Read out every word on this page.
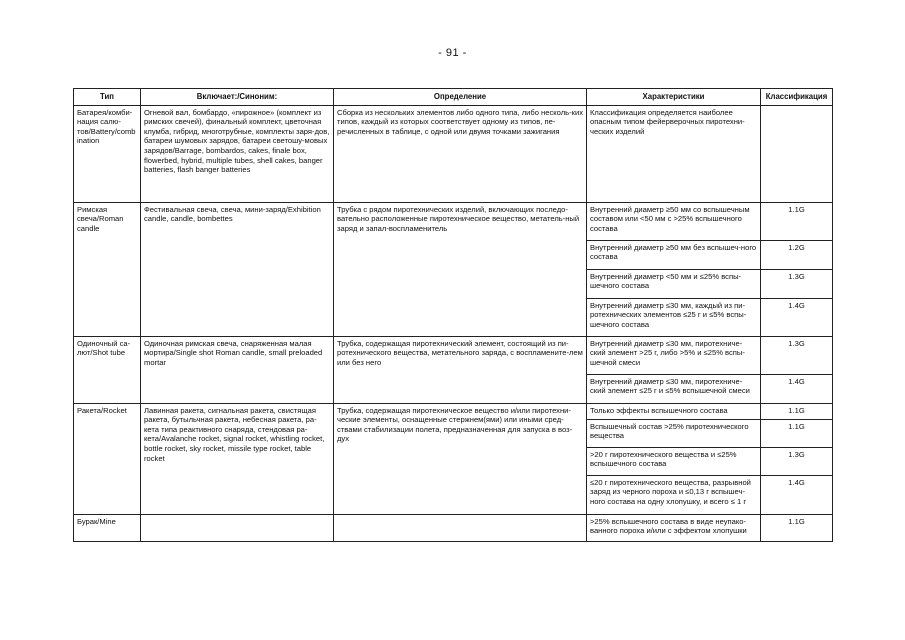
- 91 -
Тип	Включает:/Синоним:	Определение	Характеристики	Классификация
Батарея/комби-нация салю-тов/Battery/combination	Огневой вал, бомбардо, «пирожное» (комплект из римских свечей), финальный комплект, цветочная клумба, гибрид, многотрубные, комплекты заря-дов, батареи шумовых зарядов, батареи светошу-мовых зарядов/Barrage, bombardos, cakes, finale box, flowerbed, hybrid, multiple tubes, shell cakes, banger batteries, flash banger batteries	Сборка из нескольких элементов либо одного типа, либо несколь-ких типов, каждый из которых соответствует одному из типов, пе-речисленных в таблице, с одной или двумя точками зажигания	Классификация определяется наиболее опасным типом фейерверочных пиротехни-ческих изделий	
Римская свеча/Roman candle	Фестивальная свеча, свеча, мини-заряд/Exhibition candle, candle, bombettes	Трубка с рядом пиротехнических изделий, включающих последо-вательно расположенные пиротехническое вещество, метатель-ный заряд и запал-воспламенитель	Внутренний диаметр ≥50 мм со вспышечным составом или <50 мм с >25% вспышечного состава	1.1G
			Внутренний диаметр ≥50 мм без вспышеч-ного состава	1.2G
			Внутренний диаметр <50 мм и ≤25% вспы-шечного состава	1.3G
			Внутренний диаметр ≤30 мм, каждый из пи-ротехнических элементов ≤25 г и ≤5% вспы-шечного состава	1.4G
Одиночный са-лют/Shot tube	Одиночная римская свеча, снаряженная малая мортира/Single shot Roman candle, small preloaded mortar	Трубка, содержащая пиротехнический элемент, состоящий из пи-ротехнического вещества, метательного заряда, с воспламените-лем или без него	Внутренний диаметр ≤30 мм, пиротехниче-ский элемент >25 г, либо >5% и ≤25% вспы-шечной смеси	1.3G
			Внутренний диаметр ≤30 мм, пиротехниче-ский элемент ≤25 г и ≤5% вспышечной смеси	1.4G
Ракета/Rocket	Лавинная ракета, сигнальная ракета, свистящая ракета, бутыльчная ракета, небесная ракета, ра-кета типа реактивного снаряда, стендовая ра-кета/Avalanche rocket, signal rocket, whistling rocket, bottle rocket, sky rocket, missile type rocket, table rocket	Трубка, содержащая пиротехническое вещество и/или пиротехни-ческие элементы, оснащенные стержнем(ями) или иными сред-ствами стабилизации полета, предназначенная для запуска в воз-дух	Только эффекты вспышечного состава	1.1G
			Вспышечный состав >25% пиротехнического вещества	1.1G
			>20 г пиротехнического вещества и ≤25% вспышечного состава	1.3G
			≤20 г пиротехнического вещества, разрывной заряд из черного пороха и ≤0,13 г вспышеч-ного состава на одну хлопушку, и всего ≤ 1 г	1.4G
Бурак/Mine			>25% вспышечного состава в виде неупако-ванного пороха и/или с эффектом хлопушки	1.1G
